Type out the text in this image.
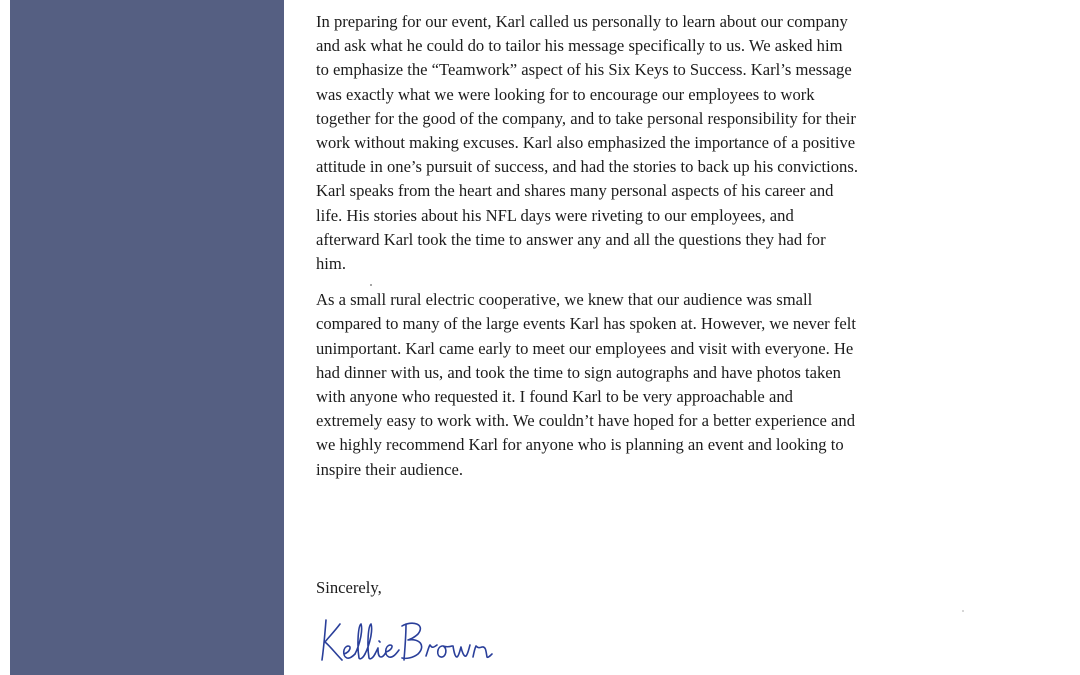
In preparing for our event, Karl called us personally to learn about our company
and ask what he could do to tailor his message specifically to us. We asked him
to emphasize the “Teamwork” aspect of his Six Keys to Success. Karl’s message
was exactly what we were looking for to encourage our employees to work
together for the good of the company, and to take personal responsibility for their
work without making excuses. Karl also emphasized the importance of a positive
attitude in one’s pursuit of success, and had the stories to back up his convictions.
Karl speaks from the heart and shares many personal aspects of his career and
life. His stories about his NFL days were riveting to our employees, and
afterward Karl took the time to answer any and all the questions they had for
him.

As a small rural electric cooperative, we knew that our audience was small
compared to many of the large events Karl has spoken at. However, we never felt
unimportant. Karl came early to meet our employees and visit with everyone. He
had dinner with us, and took the time to sign autographs and have photos taken
with anyone who requested it. I found Karl to be very approachable and
extremely easy to work with. We couldn’t have hoped for a better experience and
we highly recommend Karl for anyone who is planning an event and looking to
inspire their audience.

Sincerely,
